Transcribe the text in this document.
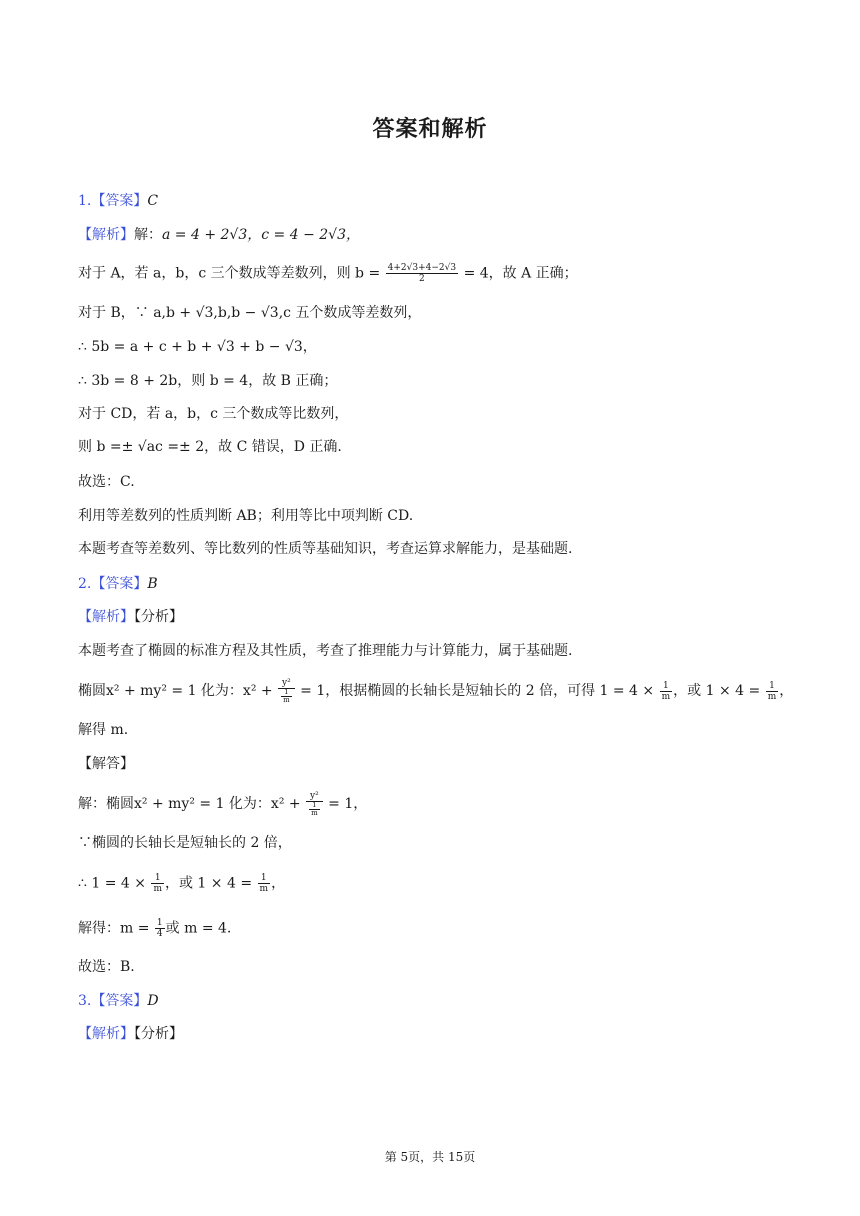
答案和解析
1.【答案】C
【解析】解：a = 4 + 2√3，c = 4 − 2√3，
对于 A，若 a，b，c 三个数成等差数列，则 $b = \frac{4+2√3+4-2√3}{2} = 4$，故 A 正确；
对于 B，∵ a,b + √3,b,b − √3,c 五个数成等差数列，
∴ 5b = a + c + b + √3 + b − √3，
∴ 3b = 8 + 2b，则 b = 4，故 B 正确；
对于 CD，若 a，b，c 三个数成等比数列，
则 b =± √ac =± 2，故 C 错误，D 正确.
故选：C.
利用等差数列的性质判断 AB；利用等比中项判断 CD.
本题考查等差数列、等比数列的性质等基础知识，考查运算求解能力，是基础题.
2.【答案】B
【解析】【分析】
本题考查了椭圆的标准方程及其性质，考查了推理能力与计算能力，属于基础题.
椭圆x² + my² = 1 化为：$x^2 + \frac{\text{y²}}{\frac{1}{m}} = 1$，根据椭圆的长轴长是短轴长的 2 倍，可得 $1 = 4 \times \frac{1}{m}$ ，或 $1 \times 4 = \frac{1}{m}$ ，
解得 m.
【解答】
解：椭圆x² + my² = 1 化为：$x^2 + \frac{\text{y²}}{\frac{1}{m}} = 1$，
∵椭圆的长轴长是短轴长的 2 倍，
∴ $1 = 4 \times \frac{1}{m}$ ，或 $1 \times 4 = \frac{1}{m}$ ，
解得：$m = \frac{1}{4}$ 或 m = 4.
故选：B.
3.【答案】D
【解析】【分析】
第 5页，共 15页
